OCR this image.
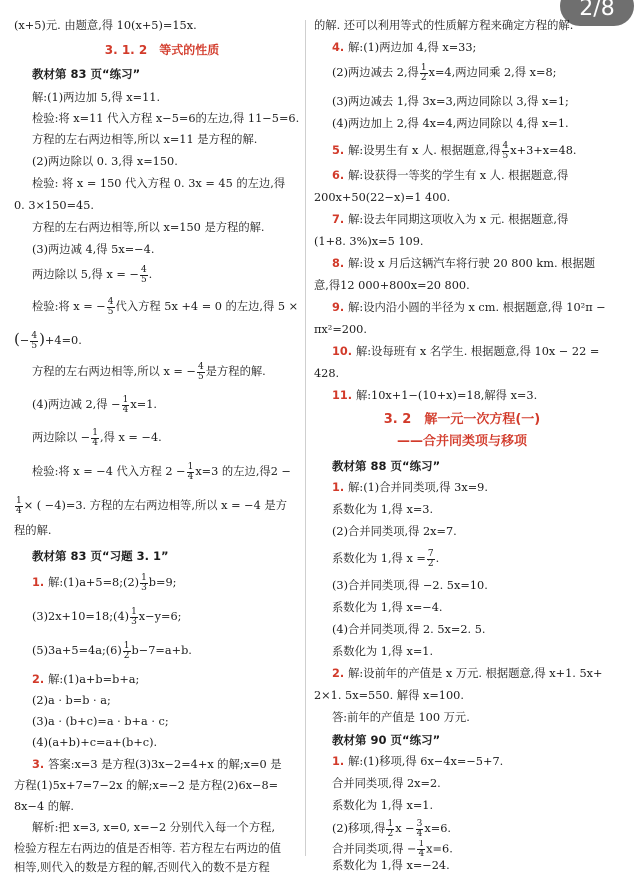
2/8
(x+5)元. 由题意,得 10(x+5)=15x.
3. 1. 2　等式的性质
教材第 83 页“练习”
解:(1)两边加 5,得 x=11.
检验:将 x=11 代入方程 x−5=6的左边,得 11−5=6.
方程的左右两边相等,所以 x=11 是方程的解.
(2)两边除以 0. 3,得 x=150.
检验: 将 x = 150 代入方程 0. 3x = 45 的左边,得
0. 3×150=45.
方程的左右两边相等,所以 x=150 是方程的解.
(3)两边减 4,得 5x=−4.
两边除以 5,得 x = − $\frac{4}{5}$ .
检验:将 x = − $\frac{4}{5}$ 代入方程 5x +4 = 0 的左边,得 5 ×
(− $\frac{4}{5} )+4=0$.
方程的左右两边相等,所以 x = − $\frac{4}{5}$ 是方程的解.
(4)两边减 2,得 − $\frac{1}{4} x=1$.
两边除以 − $\frac{1}{4}$ ,得 x = −4.
检验:将 x = −4 代入方程 $2 - \frac{1}{4} x=3$ 的左边,得2 −
$\frac{1}{4}$ × ( −4)=3. 方程的左右两边相等,所以 x = −4 是方
程的解.
教材第 83 页“习题 3. 1”
1. 解:(1)a+5=8;(2) $\frac{1}{3} b=9$;
(3)2x+10=18;(4) $\frac{1}{3} x-y=6$;
(5)3a+5=4a;(6) $\frac{1}{2} b-7=a+b$.
2. 解:(1)a+b=b+a;
(2)a · b=b · a;
(3)a · (b+c)=a · b+a · c;
(4)(a+b)+c=a+(b+c).
3. 答案:x=3 是方程(3)3x−2=4+x 的解;x=0 是
方程(1)5x+7=7−2x 的解;x=−2 是方程(2)6x−8=
8x−4 的解.
解析:把 x=3, x=0, x=−2 分别代入每一个方程,
检验方程左右两边的值是否相等. 若方程左右两边的值
相等,则代入的数是方程的解,否则代入的数不是方程
的解. 还可以利用等式的性质解方程来确定方程的解.
4. 解:(1)两边加 4,得 x=33;
(2)两边减去 2,得 $\frac{1}{2} x=4$,两边同乘 2,得 x=8;
(3)两边减去 1,得 3x=3,两边同除以 3,得 x=1;
(4)两边加上 2,得 4x=4,两边同除以 4,得 x=1.
5. 解:设男生有 x 人. 根据题意,得 $\frac{4}{5} x+3+x=48$.
6. 解:设获得一等奖的学生有 x 人. 根据题意,得
200x+50(22−x)=1 400.
7. 解:设去年同期这项收入为 x 元. 根据题意,得
(1+8. 3%)x=5 109.
8. 解:设 x 月后这辆汽车将行驶 20 800 km. 根据题
意,得12 000+800x=20 800.
9. 解:设内沿小圆的半径为 x cm. 根据题意,得 10²π −
πx²=200.
10. 解:设每班有 x 名学生. 根据题意,得 10x − 22 =
428.
11. 解:10x+1−(10+x)=18,解得 x=3.
3. 2　解一元一次方程(一)
——合并同类项与移项
教材第 88 页“练习”
1. 解:(1)合并同类项,得 3x=9.
系数化为 1,得 x=3.
(2)合并同类项,得 2x=7.
系数化为 1,得 $x = \frac{7}{2}$ .
(3)合并同类项,得 −2. 5x=10.
系数化为 1,得 x=−4.
(4)合并同类项,得 2. 5x=2. 5.
系数化为 1,得 x=1.
2. 解:设前年的产值是 x 万元. 根据题意,得 x+1. 5x+
2×1. 5x=550. 解得 x=100.
答:前年的产值是 100 万元.
教材第 90 页“练习”
1. 解:(1)移项,得 6x−4x=−5+7.
合并同类项,得 2x=2.
系数化为 1,得 x=1.
(2)移项,得 $\frac{1}{2}$ $x - \frac{3}{4} x=6$.
合并同类项,得 − $\frac{1}{4} x=6$.
系数化为 1,得 x=−24.
